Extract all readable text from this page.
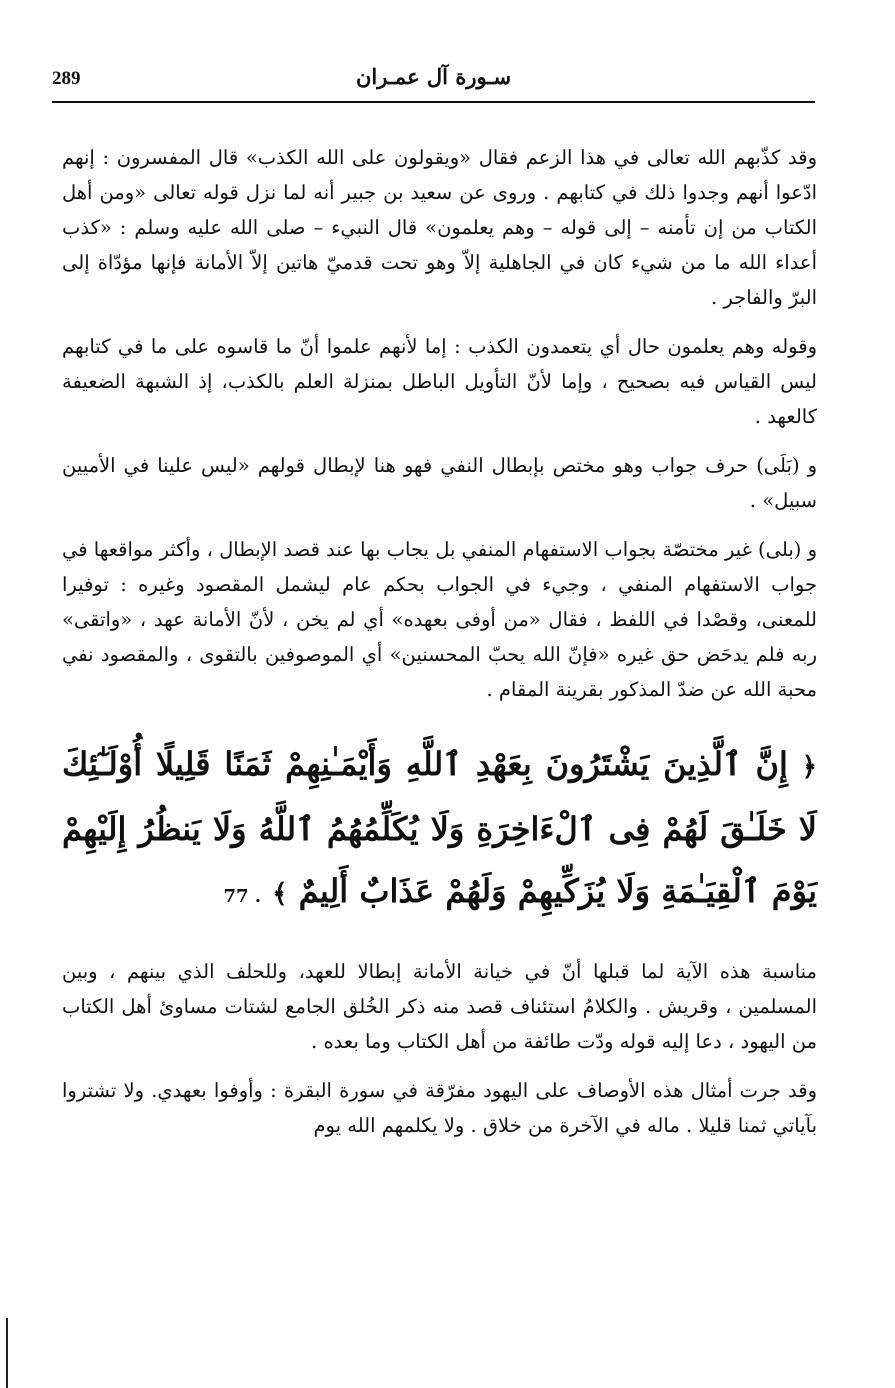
289	سـورة آل عمـران

وقد كذّبهم الله تعالى في هذا الزعم فقال «ويقولون على الله الكذب» قال المفسرون : إنهم ادّعوا أنهم وجدوا ذلك في كتابهم . وروى عن سعيد بن جبير أنه لما نزل قوله تعالى «ومن أهل الكتاب من إن تأمنه – إلى قوله – وهم يعلمون» قال النبيء – صلى الله عليه وسلم : «كذب أعداء الله ما من شيء كان في الجاهلية إلاّ وهو تحت قدميّ هاتين إلاّ الأمانة فإنها مؤدّاة إلى البرّ والفاجر .

وقوله وهم يعلمون حال أي يتعمدون الكذب : إما لأنهم علموا أنّ ما قاسوه على ما في كتابهم ليس القياس فيه بصحيح ، وإما لأنّ التأويل الباطل بمنزلة العلم بالكذب، إذ الشبهة الضعيفة كالعهد .

و (بَلَى) حرف جواب وهو مختص بإبطال النفي فهو هنا لإبطال قولهم «ليس علينا في الأميين سبيل» .

و (بلى) غير مختصّة بجواب الاستفهام المنفي بل يجاب بها عند قصد الإبطال ، وأكثر مواقعها في جواب الاستفهام المنفي ، وجيء في الجواب بحكم عام ليشمل المقصود وغيره : توفيرا للمعنى، وقصْدا في اللفظ ، فقال «من أوفى بعهده» أي لم يخن ، لأنّ الأمانة عهد ، «واتقى» ربه فلم يدحَض حق غيره «فإنّ الله يحبّ المحسنين» أي الموصوفين بالتقوى ، والمقصود نفي محبة الله عن ضدّ المذكور بقرينة المقام .

﴿ إِنَّ ٱلَّذِينَ يَشْتَرُونَ بِعَهْدِ ٱللَّهِ وَأَيْمَـٰنِهِمْ ثَمَنًا قَلِيلًا أُوْلَـٰٓئِكَ لَا خَلَـٰقَ لَهُمْ فِى ٱلْءَاخِرَةِ وَلَا يُكَلِّمُهُمُ ٱللَّهُ وَلَا يَنظُرُ إِلَيْهِمْ يَوْمَ ٱلْقِيَـٰمَةِ وَلَا يُزَكِّيهِمْ وَلَهُمْ عَذَابٌ أَلِيمٌ ﴾ . 77

مناسبة هذه الآية لما قبلها أنّ في خيانة الأمانة إبطالا للعهد، وللحلف الذي بينهم ، وبين المسلمين ، وقريش . والكلامُ استئناف قصد منه ذكر الخُلق الجامع لشتات مساوئ أهل الكتاب من اليهود ، دعا إليه قوله ودّت طائفة من أهل الكتاب وما بعده .

وقد جرت أمثال هذه الأوصاف على اليهود مفرّقة في سورة البقرة : وأوفوا بعهدي. ولا تشتروا بآياتي ثمنا قليلا . ماله في الآخرة من خلاق . ولا يكلمهم الله يوم
